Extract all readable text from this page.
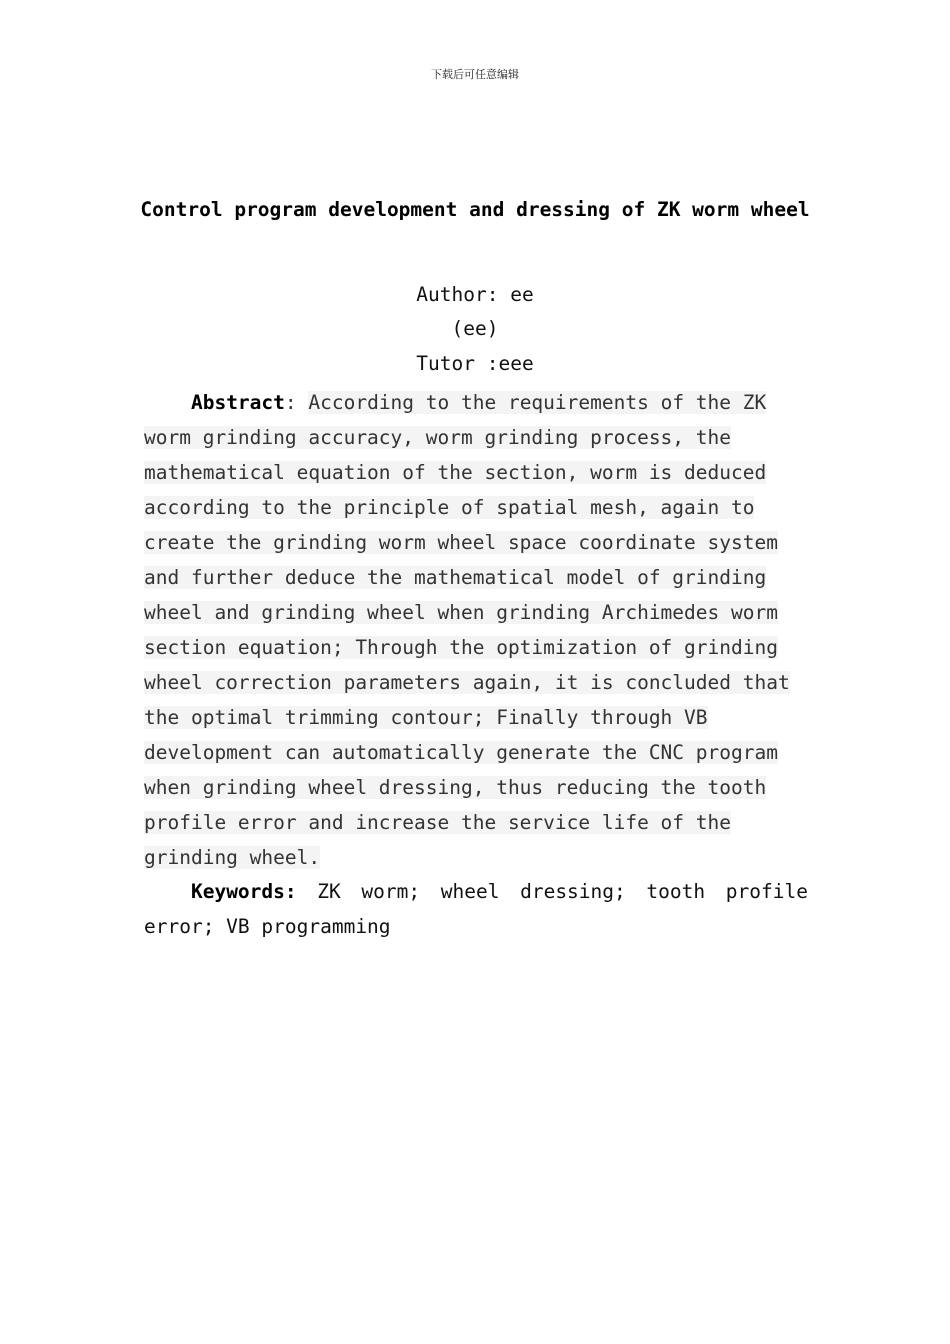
下载后可任意编辑
Control program development and dressing of ZK worm wheel
Author: ee
(ee)
Tutor :eee
Abstract: According to the requirements of the ZK
worm grinding accuracy, worm grinding process, the
mathematical equation of the section, worm is deduced
according to the principle of spatial mesh, again to
create the grinding worm wheel space coordinate system
and further deduce the mathematical model of grinding
wheel and grinding wheel when grinding Archimedes worm
section equation; Through the optimization of grinding
wheel correction parameters again, it is concluded that
the optimal trimming contour; Finally through VB
development can automatically generate the CNC program
when grinding wheel dressing, thus reducing the tooth
profile error and increase the service life of the
grinding wheel.
Keywords: ZK worm; wheel dressing; tooth profile
error; VB programming
